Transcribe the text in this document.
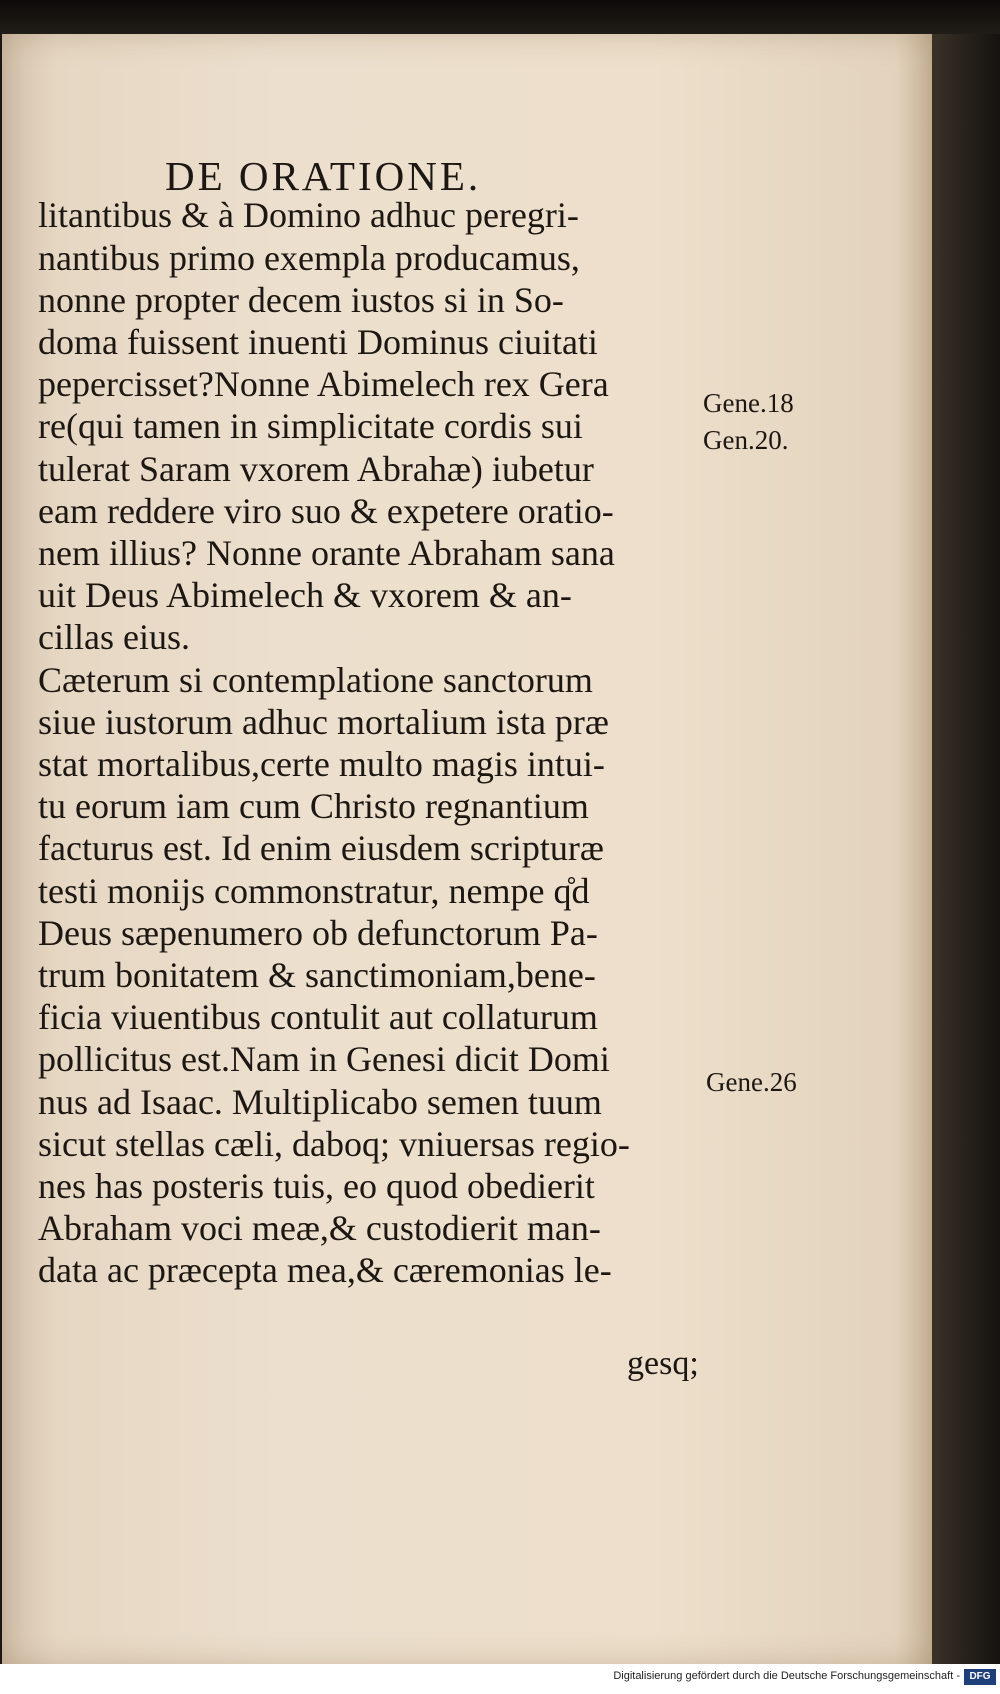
DE ORATIONE.
litantibus & à Domino adhuc peregri-
nantibus primo exempla producamus,
nonne propter decem iustos si in So-
doma fuissent inuenti Dominus ciuitati
pepercisset?Nonne Abimelech rex Gera
re(qui tamen in simplicitate cordis sui
tulerat Saram vxorem Abrahæ) iubetur
eam reddere viro suo & expetere oratio-
nem illius? Nonne orante Abraham sana
uit Deus Abimelech & vxorem & an-
cillas eius.
Cæterum si contemplatione sanctorum
siue iustorum adhuc mortalium ista præ
stat mortalibus,certe multo magis intui-
tu eorum iam cum Christo regnantium
facturus est. Id enim eiusdem scripturæ
testi monijs commonstratur, nempe q̊d
Deus sæpenumero ob defunctorum Pa-
trum bonitatem & sanctimoniam,bene-
ficia viuentibus contulit aut collaturum
pollicitus est.Nam in Genesi dicit Domi
nus ad Isaac. Multiplicabo semen tuum
sicut stellas cæli, daboq; vniuersas regio-
nes has posteris tuis, eo quod obedierit
Abraham voci meæ,& custodierit man-
data ac præcepta mea,& cæremonias le-
Gene.18
Gen.20.
Gene.26
gesq;
Digitalisierung gefördert durch die Deutsche Forschungsgemeinschaft - DFG
